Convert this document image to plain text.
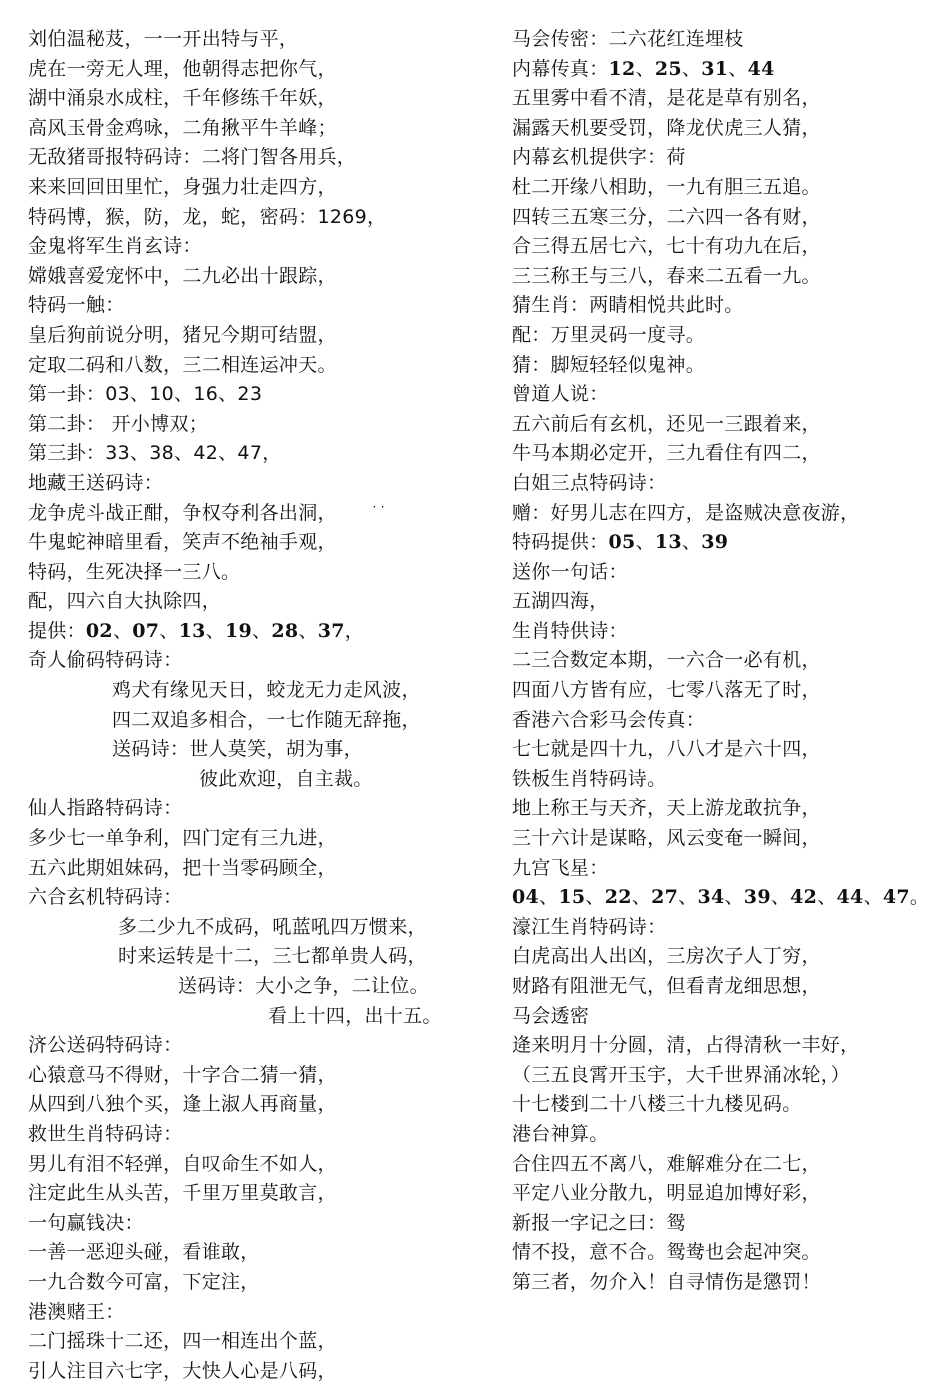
刘伯温秘芨，一一开出特与平，
虎在一旁无人理，他朝得志把你气，
湖中涌泉水成柱，千年修练千年妖，
高风玉骨金鸡咏，二角揪平牛羊峰；
无敌猪哥报特码诗：二将门智各用兵，
来来回回田里忙，身强力壮走四方，
特码博，猴，防，龙，蛇，密码：1269，
金鬼将军生肖玄诗：
嫦娥喜爱宠怀中，二九必出十跟踪，
特码一触：
皇后狗前说分明，猪兄今期可结盟，
定取二码和八数，三二相连运冲天。
第一卦：03、10、16、23
第二卦： 开小博双；
第三卦：33、38、42、47，
地藏王送码诗：
龙争虎斗战正酣，争权夺利各出洞，	· ·
牛鬼蛇神暗里看，笑声不绝袖手观，
特码，生死决择一三八。
配，四六自大执除四，
提供：02、07、13、19、28、37，
奇人偷码特码诗：
鸡犬有缘见天日，蛟龙无力走风波，
四二双追多相合，一七作随无辞拖，
送码诗：世人莫笑，胡为事，
彼此欢迎，自主裁。
仙人指路特码诗：
多少七一单争利，四门定有三九进，
五六此期姐妹码，把十当零码顾全，
六合玄机特码诗：
多二少九不成码，吼蓝吼四万惯来，
时来运转是十二，三七都单贵人码，
送码诗：大小之争，二让位。
看上十四，出十五。
济公送码特码诗：
心猿意马不得财，十字合二猜一猜，
从四到八独个买，逢上淑人再商量，
救世生肖特码诗：
男儿有泪不轻弹，自叹命生不如人，
注定此生从头苦，千里万里莫敢言，
一句赢钱决：
一善一恶迎头碰，看谁敢，
一九合数今可富，下定注，
港澳赌王：
二门摇珠十二还，四一相连出个蓝，
引人注目六七字，大快人心是八码，
马会传密：二六花红连埋枝
内幕传真：12、25、31、44
五里雾中看不清，是花是草有别名，
漏露天机要受罚，降龙伏虎三人猜，
内幕玄机提供字：荷
杜二开缘八相助，一九有胆三五追。
四转三五寒三分，二六四一各有财，
合三得五居七六，七十有功九在后，
三三称王与三八，春来二五看一九。
猜生肖：两睛相悦共此时。
配：万里灵码一度寻。
猜：脚短轻轻似鬼神。
曾道人说：
五六前后有玄机，还见一三跟着来，
牛马本期必定开，三九看住有四二，
白姐三点特码诗：
赠：好男儿志在四方，是盗贼决意夜游，
特码提供：05、13、39
送你一句话：
五湖四海，
生肖特供诗：
二三合数定本期，一六合一必有机，
四面八方皆有应，七零八落无了时，
香港六合彩马会传真：
七七就是四十九，八八才是六十四，
铁板生肖特码诗。
地上称王与天齐，天上游龙敢抗争，
三十六计是谋略，风云变奄一瞬间，
九宫飞星：
04、15、22、27、34、39、42、44、47。
濠江生肖特码诗：
白虎高出人出凶，三房次子人丁穷，
财路有阻泄无气，但看青龙细思想，
马会透密
逄来明月十分圆，清，占得清秋一丰好，
（三五良霄开玉宇，大千世界涌冰轮，）
十七楼到二十八楼三十九楼见码。
港台神算。
合住四五不离八，难解难分在二七，
平定八业分散九，明显追加博好彩，
新报一字记之曰：鸳
情不投，意不合。鸳鸯也会起冲突。
第三者，勿介入！自寻情伤是懲罚！
